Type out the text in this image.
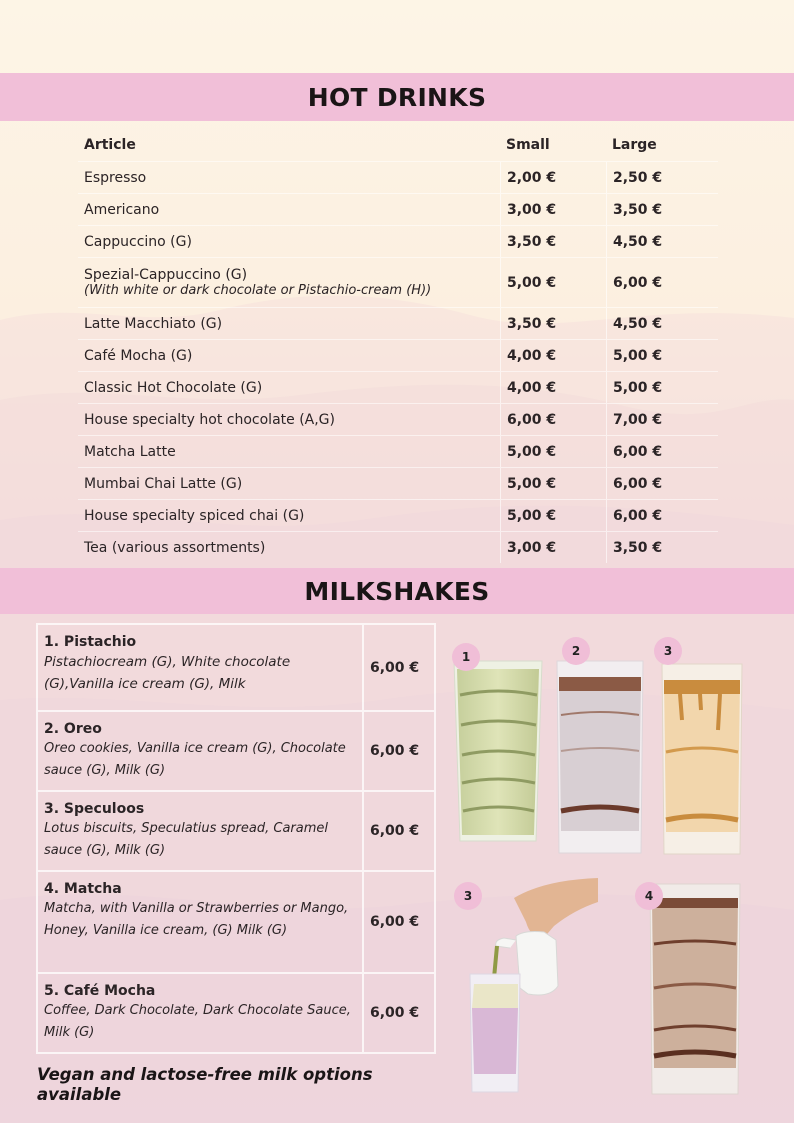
HOT DRINKS
Article	Small	Large
Espresso	2,00 €	2,50 €
Americano	3,00 €	3,50 €
Cappuccino (G)	3,50 €	4,50 €
Spezial-Cappuccino (G)
(With white or dark chocolate or Pistachio-cream (H))	5,00 €	6,00 €
Latte Macchiato (G)	3,50 €	4,50 €
Café Mocha (G)	4,00 €	5,00 €
Classic Hot Chocolate (G)	4,00 €	5,00 €
House specialty hot chocolate (A,G)	6,00 €	7,00 €
Matcha Latte	5,00 €	6,00 €
Mumbai Chai Latte (G)	5,00 €	6,00 €
House specialty spiced chai (G)	5,00 €	6,00 €
Tea (various assortments)	3,00 €	3,50 €
MILKSHAKES
1. Pistachio
Pistachiocream (G), White chocolate (G),Vanilla ice cream (G), Milk
6,00 €
2. Oreo
Oreo cookies, Vanilla ice cream (G), Chocolate sauce (G), Milk (G)
6,00 €
3. Speculoos
Lotus biscuits, Speculatius spread, Caramel sauce (G), Milk (G)
6,00 €
4. Matcha
Matcha, with Vanilla or Strawberries or Mango, Honey, Vanilla ice cream, (G) Milk (G)
6,00 €
5. Café Mocha
Coffee, Dark Chocolate, Dark Chocolate Sauce, Milk (G)
6,00 €
Vegan and lactose-free milk options available
1	2	3
3	4
